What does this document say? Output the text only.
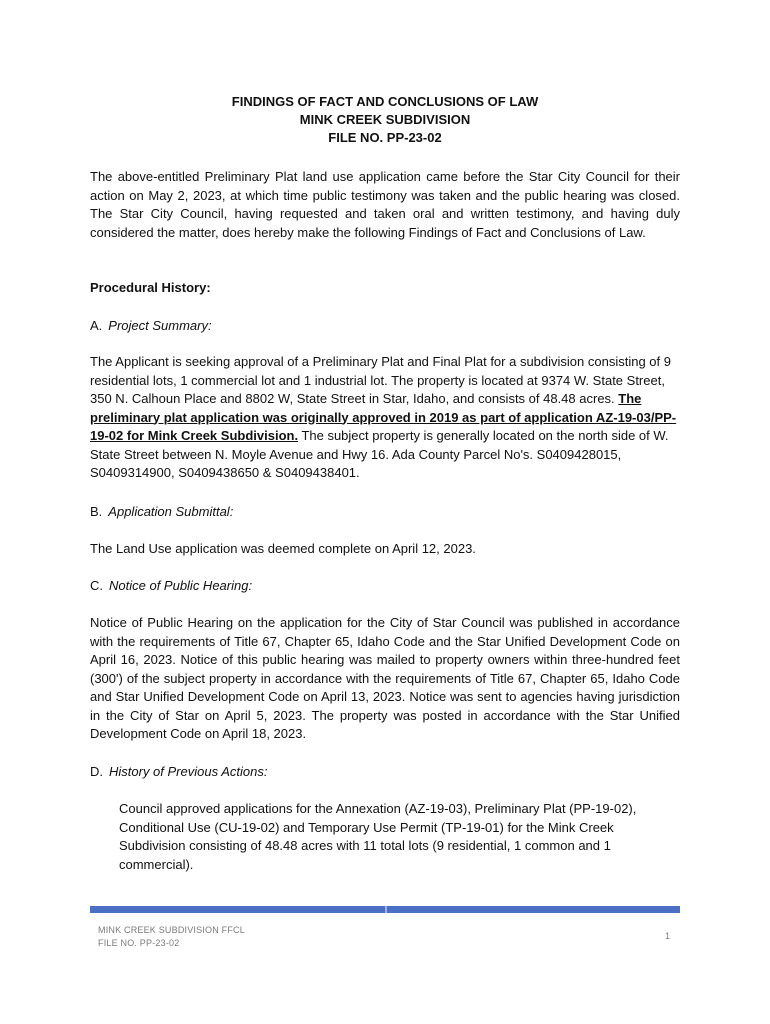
FINDINGS OF FACT AND CONCLUSIONS OF LAW
MINK CREEK SUBDIVISION
FILE NO. PP-23-02
The above-entitled Preliminary Plat land use application came before the Star City Council for their action on May 2, 2023, at which time public testimony was taken and the public hearing was closed. The Star City Council, having requested and taken oral and written testimony, and having duly considered the matter, does hereby make the following Findings of Fact and Conclusions of Law.
Procedural History:
A. Project Summary:
The Applicant is seeking approval of a Preliminary Plat and Final Plat for a subdivision consisting of 9 residential lots, 1 commercial lot and 1 industrial lot. The property is located at 9374 W. State Street, 350 N. Calhoun Place and 8802 W, State Street in Star, Idaho, and consists of 48.48 acres. The preliminary plat application was originally approved in 2019 as part of application AZ-19-03/PP-19-02 for Mink Creek Subdivision. The subject property is generally located on the north side of W. State Street between N. Moyle Avenue and Hwy 16. Ada County Parcel No's. S0409428015, S0409314900, S0409438650 & S0409438401.
B. Application Submittal:
The Land Use application was deemed complete on April 12, 2023.
C. Notice of Public Hearing:
Notice of Public Hearing on the application for the City of Star Council was published in accordance with the requirements of Title 67, Chapter 65, Idaho Code and the Star Unified Development Code on April 16, 2023. Notice of this public hearing was mailed to property owners within three-hundred feet (300') of the subject property in accordance with the requirements of Title 67, Chapter 65, Idaho Code and Star Unified Development Code on April 13, 2023. Notice was sent to agencies having jurisdiction in the City of Star on April 5, 2023. The property was posted in accordance with the Star Unified Development Code on April 18, 2023.
D. History of Previous Actions:
Council approved applications for the Annexation (AZ-19-03), Preliminary Plat (PP-19-02), Conditional Use (CU-19-02) and Temporary Use Permit (TP-19-01) for the Mink Creek Subdivision consisting of 48.48 acres with 11 total lots (9 residential, 1 common and 1 commercial).
MINK CREEK SUBDIVISION FFCL
FILE NO. PP-23-02
1
